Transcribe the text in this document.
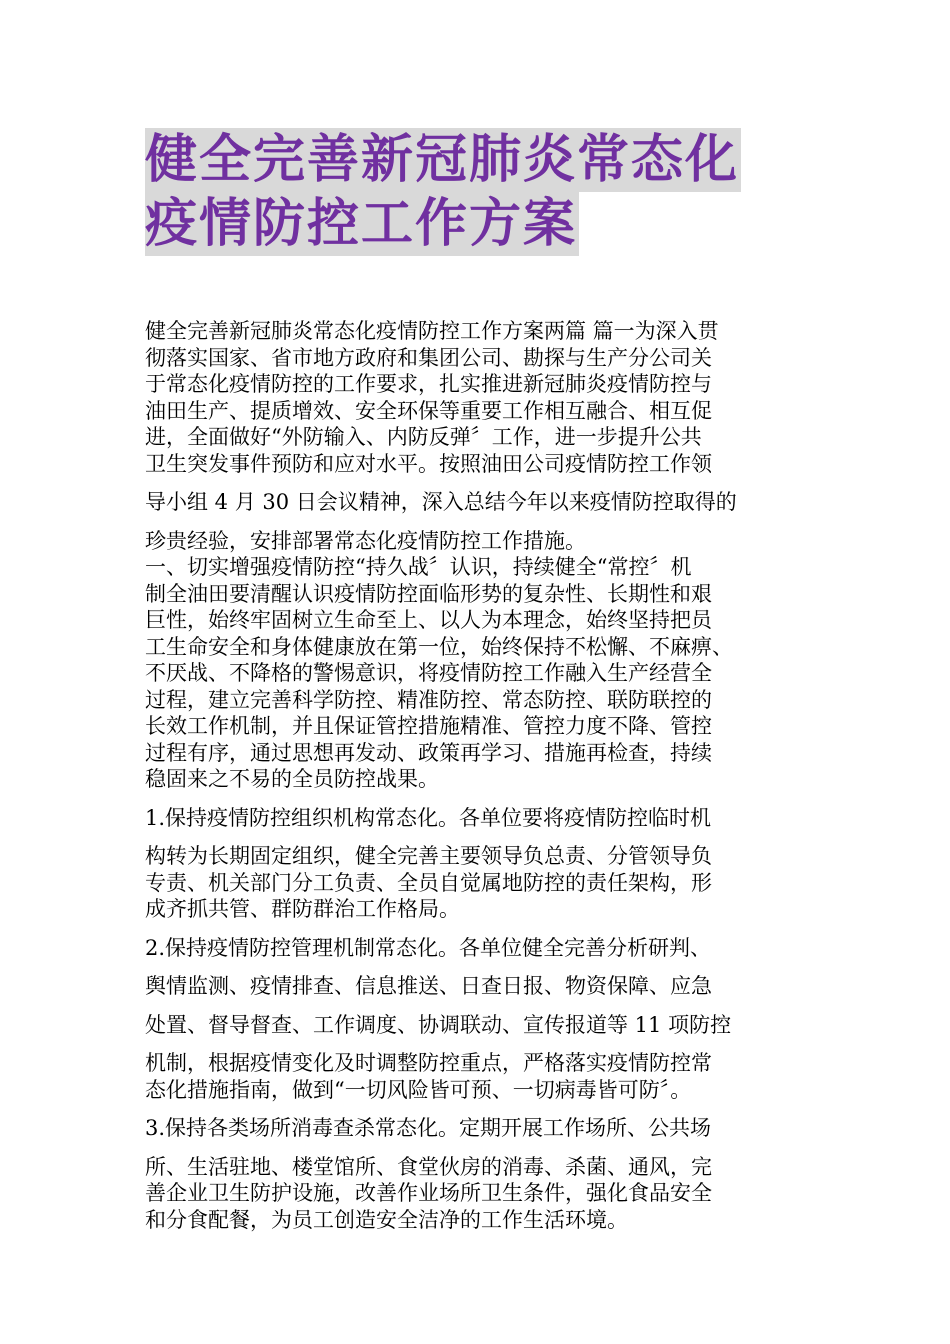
健全完善新冠肺炎常态化
疫情防控工作方案
健全完善新冠肺炎常态化疫情防控工作方案两篇 篇一为深入贯
彻落实国家、省市地方政府和集团公司、勘探与生产分公司关
于常态化疫情防控的工作要求，扎实推进新冠肺炎疫情防控与
油田生产、提质增效、安全环保等重要工作相互融合、相互促
进，全面做好“外防输入、内防反弹〞工作，进一步提升公共
卫生突发事件预防和应对水平。按照油田公司疫情防控工作领
导小组 4 月 30 日会议精神，深入总结今年以来疫情防控取得的
珍贵经验，安排部署常态化疫情防控工作措施。
一、切实增强疫情防控“持久战〞认识，持续健全“常控〞机
制全油田要清醒认识疫情防控面临形势的复杂性、长期性和艰
巨性，始终牢固树立生命至上、以人为本理念，始终坚持把员
工生命安全和身体健康放在第一位，始终保持不松懈、不麻痹、
不厌战、不降格的警惕意识，将疫情防控工作融入生产经营全
过程，建立完善科学防控、精准防控、常态防控、联防联控的
长效工作机制，并且保证管控措施精准、管控力度不降、管控
过程有序，通过思想再发动、政策再学习、措施再检查，持续
稳固来之不易的全员防控战果。
1.保持疫情防控组织机构常态化。各单位要将疫情防控临时机
构转为长期固定组织，健全完善主要领导负总责、分管领导负
专责、机关部门分工负责、全员自觉属地防控的责任架构，形
成齐抓共管、群防群治工作格局。
2.保持疫情防控管理机制常态化。各单位健全完善分析研判、
舆情监测、疫情排查、信息推送、日查日报、物资保障、应急
处置、督导督查、工作调度、协调联动、宣传报道等 11 项防控
机制，根据疫情变化及时调整防控重点，严格落实疫情防控常
态化措施指南，做到“一切风险皆可预、一切病毒皆可防〞。
3.保持各类场所消毒查杀常态化。定期开展工作场所、公共场
所、生活驻地、楼堂馆所、食堂伙房的消毒、杀菌、通风，完
善企业卫生防护设施，改善作业场所卫生条件，强化食品安全
和分食配餐，为员工创造安全洁净的工作生活环境。
